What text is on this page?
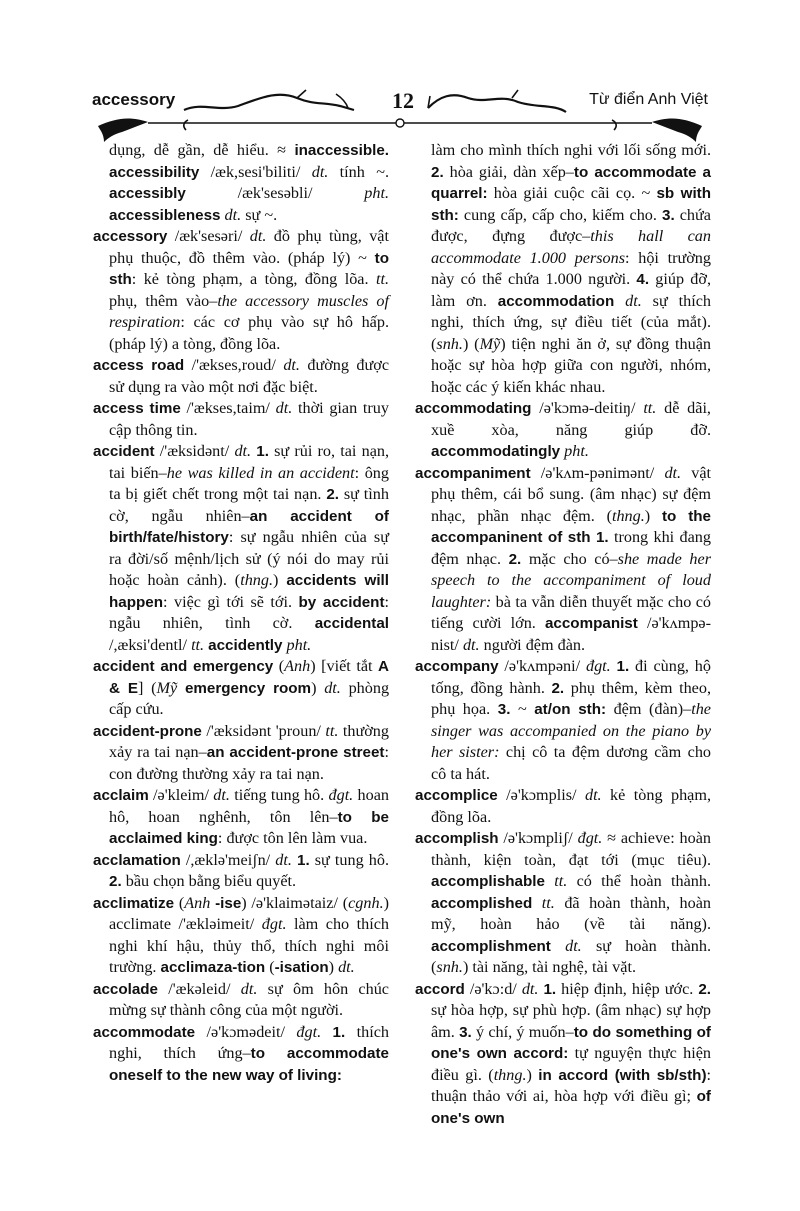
accessory	12	Từ điển Anh Việt

dụng, dễ gần, dễ hiểu. ≈ inaccessible. accessibility /æk,sesi'biliti/ dt. tính ~. accessibly /æk'sesəbli/ pht. accessibleness dt. sự ~.

accessory /æk'sesəri/ dt. đồ phụ tùng, vật phụ thuộc, đồ thêm vào. (pháp lý) ~ to sth: kẻ tòng phạm, a tòng, đồng lõa. tt. phụ, thêm vào–the accessory muscles of respiration: các cơ phụ vào sự hô hấp. (pháp lý) a tòng, đồng lõa.

access road /'ækses,roud/ dt. đường được sử dụng ra vào một nơi đặc biệt.

access time /'ækses,taim/ dt. thời gian truy cập thông tin.

accident /'æksidənt/ dt. 1. sự rủi ro, tai nạn, tai biến–he was killed in an accident: ông ta bị giết chết trong một tai nạn. 2. sự tình cờ, ngẫu nhiên–an accident of birth/fate/history: sự ngẫu nhiên của sự ra đời/số mệnh/lịch sử (ý nói do may rủi hoặc hoàn cảnh). (thng.) accidents will happen: việc gì tới sẽ tới. by accident: ngẫu nhiên, tình cờ. accidental /,æksi'dentl/ tt. accidently pht.

accident and emergency (Anh) [viết tắt A & E] (Mỹ emergency room) dt. phòng cấp cứu.

accident-prone /'æksidənt 'proun/ tt. thường xảy ra tai nạn–an accident-prone street: con đường thường xảy ra tai nạn.

acclaim /ə'kleim/ dt. tiếng tung hô. đgt. hoan hô, hoan nghênh, tôn lên–to be acclaimed king: được tôn lên làm vua.

acclamation /,æklə'meiʃn/ dt. 1. sự tung hô. 2. bầu chọn bằng biểu quyết.

acclimatize (Anh -ise) /ə'klaimətaiz/ (cgnh.) acclimate /'ækləimeit/ đgt. làm cho thích nghi khí hậu, thủy thổ, thích nghi môi trường. acclimaza-tion (-isation) dt.

accolade /'ækəleid/ dt. sự ôm hôn chúc mừng sự thành công của một người.

accommodate /ə'kɔmədeit/ đgt. 1. thích nghi, thích ứng–to accommodate oneself to the new way of living:

làm cho mình thích nghi với lối sống mới. 2. hòa giải, dàn xếp–to accommodate a quarrel: hòa giải cuộc cãi cọ. ~ sb with sth: cung cấp, cấp cho, kiếm cho. 3. chứa được, đựng được–this hall can accommodate 1.000 persons: hội trường này có thể chứa 1.000 người. 4. giúp đỡ, làm ơn. accommodation dt. sự thích nghi, thích ứng, sự điều tiết (của mắt). (snh.) (Mỹ) tiện nghi ăn ở, sự đồng thuận hoặc sự hòa hợp giữa con người, nhóm, hoặc các ý kiến khác nhau.

accommodating /ə'kɔmə-deitiŋ/ tt. dễ dãi, xuề xòa, năng giúp đỡ. accommodatingly pht.

accompaniment /ə'kʌm-pənimənt/ dt. vật phụ thêm, cái bổ sung. (âm nhạc) sự đệm nhạc, phần nhạc đệm. (thng.) to the accompaninent of sth 1. trong khi đang đệm nhạc. 2. mặc cho có–she made her speech to the accompaniment of loud laughter: bà ta vẫn diễn thuyết mặc cho có tiếng cười lớn. accompanist /ə'kʌmpə-nist/ dt. người đệm đàn.

accompany /ə'kʌmpəni/ đgt. 1. đi cùng, hộ tống, đồng hành. 2. phụ thêm, kèm theo, phụ họa. 3. ~ at/on sth: đệm (đàn)–the singer was accompanied on the piano by her sister: chị cô ta đệm dương cầm cho cô ta hát.

accomplice /ə'kɔmplis/ dt. kẻ tòng phạm, đồng lõa.

accomplish /ə'kɔmpliʃ/ đgt. ≈ achieve: hoàn thành, kiện toàn, đạt tới (mục tiêu). accomplishable tt. có thể hoàn thành. accomplished tt. đã hoàn thành, hoàn mỹ, hoàn hảo (về tài năng). accomplishment dt. sự hoàn thành. (snh.) tài năng, tài nghệ, tài vặt.

accord /ə'kɔ:d/ dt. 1. hiệp định, hiệp ước. 2. sự hòa hợp, sự phù hợp. (âm nhạc) sự hợp âm. 3. ý chí, ý muốn–to do something of one's own accord: tự nguyện thực hiện điều gì. (thng.) in accord (with sb/sth): thuận thảo với ai, hòa hợp với điều gì; of one's own
